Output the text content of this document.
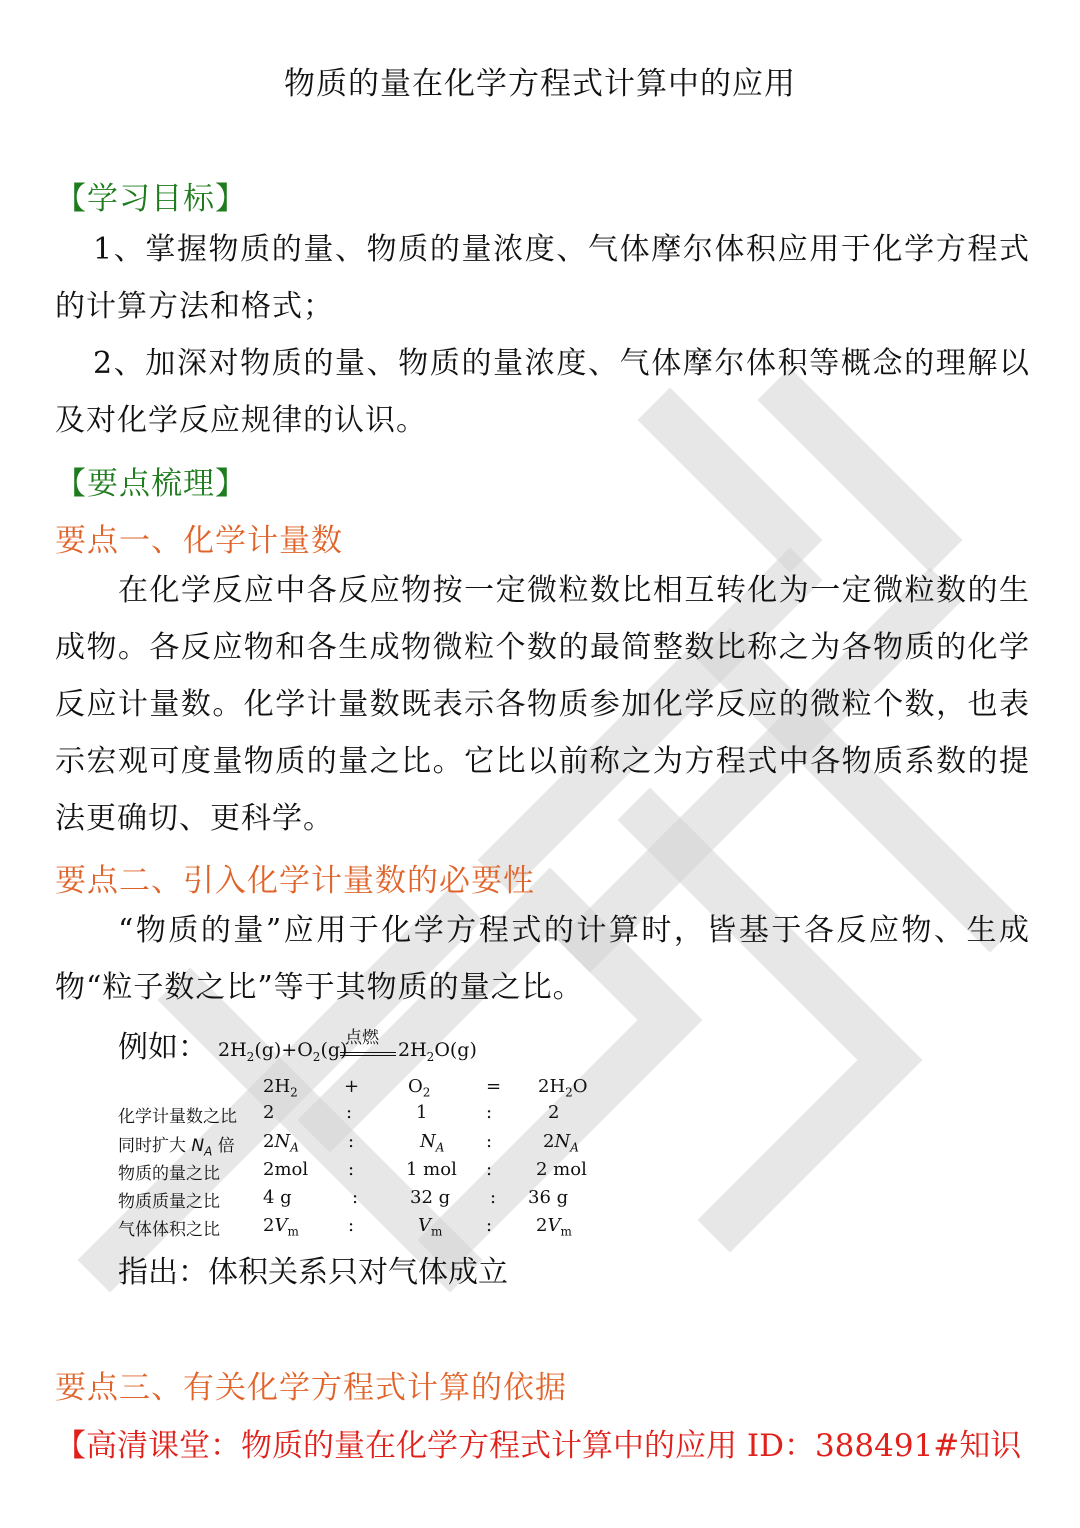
物质的量在化学方程式计算中的应用
【学习目标】
1、掌握物质的量、物质的量浓度、气体摩尔体积应用于化学方程式的计算方法和格式；
2、加深对物质的量、物质的量浓度、气体摩尔体积等概念的理解以及对化学反应规律的认识。
【要点梳理】
要点一、化学计量数
在化学反应中各反应物按一定微粒数比相互转化为一定微粒数的生成物。各反应物和各生成物微粒个数的最简整数比称之为各物质的化学反应计量数。化学计量数既表示各物质参加化学反应的微粒个数，也表示宏观可度量物质的量之比。它比以前称之为方程式中各物质系数的提法更确切、更科学。
要点二、引入化学计量数的必要性
“物质的量”应用于化学方程式的计算时，皆基于各反应物、生成物“粒子数之比”等于其物质的量之比。
例如： $2H_2(g)+O_2(g)$
点燃
$2H_2O(g)$
$2H_2$	+	$O_2$	= $2H_2O$
化学计量数之比 2	:	1	:	2
同时扩大 $N_A$ 倍 $2N_A$	:	$N_A$ :	$2N_A$
物质的量之比 2mol :	1 mol : 2 mol
物质质量之比 4 g	:	32 g : 36 g
气体体积之比 $2V_m$	:	$V_m$ : $2V_m$
指出：体积关系只对气体成立
要点三、有关化学方程式计算的依据
【高清课堂：物质的量在化学方程式计算中的应用 ID：388491#知识
